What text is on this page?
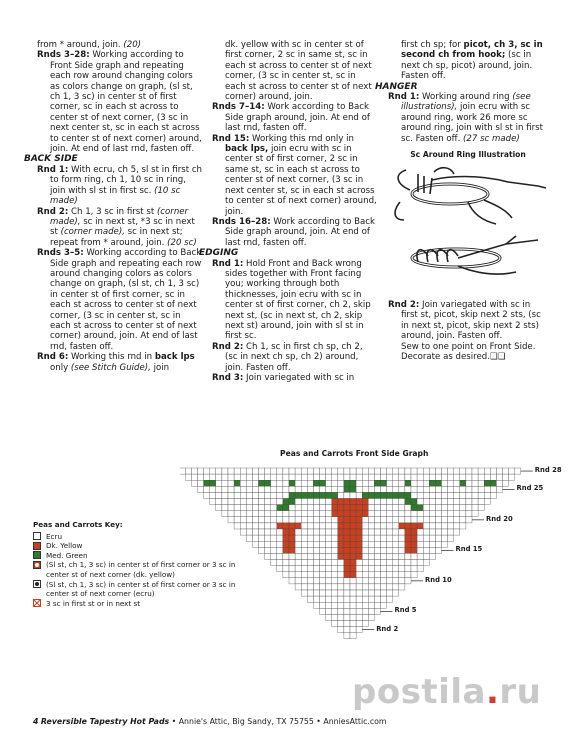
from * around, join. (20)

Rnds 3–28: Working according to Front Side graph and repeating each row around changing colors as colors change on graph, (sl st, ch 1, 3 sc) in center st of first corner, sc in each st across to center st of next corner, (3 sc in next center st, sc in each st across to center st of next corner) around, join. At end of last rnd, fasten off.

BACK SIDE

Rnd 1: With ecru, ch 5, sl st in first ch to form ring, ch 1, 10 sc in ring, join with sl st in first sc. (10 sc made)

Rnd 2: Ch 1, 3 sc in first st (corner made), sc in next st, *3 sc in next st (corner made), sc in next st; repeat from * around, join. (20 sc)

Rnds 3–5: Working according to Back Side graph and repeating each row around changing colors as colors change on graph, (sl st, ch 1, 3 sc) in center st of first corner, sc in each st across to center st of next corner, (3 sc in center st, sc in each st across to center st of next corner) around, join. At end of last rnd, fasten off.

Rnd 6: Working this rnd in back lps only (see Stitch Guide), join

dk. yellow with sc in center st of first corner, 2 sc in same st, sc in each st across to center st of next corner, (3 sc in center st, sc in each st across to center st of next corner) around, join.

Rnds 7–14: Work according to Back Side graph around, join. At end of last rnd, fasten off.

Rnd 15: Working this rnd only in back lps, join ecru with sc in center st of first corner, 2 sc in same st, sc in each st across to center st of next corner, (3 sc in next center st, sc in each st across to center st of next corner) around, join.

Rnds 16–28: Work according to Back Side graph around, join. At end of last rnd, fasten off.

EDGING

Rnd 1: Hold Front and Back wrong sides together with Front facing you; working through both thicknesses, join ecru with sc in center st of first corner, ch 2, skip next st, (sc in next st, ch 2, skip next st) around, join with sl st in first sc.

Rnd 2: Ch 1, sc in first ch sp, ch 2, (sc in next ch sp, ch 2) around, join. Fasten off.

Rnd 3: Join variegated with sc in

first ch sp; for picot, ch 3, sc in second ch from hook; (sc in next ch sp, picot) around, join. Fasten off.

HANGER

Rnd 1: Working around ring (see illustrations), join ecru with sc around ring, work 26 more sc around ring, join with sl st in first sc. Fasten off. (27 sc made)

Sc Around Ring Illustration

Rnd 2: Join variegated with sc in first st, picot, skip next 2 sts, (sc in next st, picot, skip next 2 sts) around, join. Fasten off.

Sew to one point on Front Side. Decorate as desired.❑❑

Peas and Carrots Front Side Graph
Rnd 28
Rnd 25
Rnd 20
Rnd 15
Rnd 10
Rnd 5
Rnd 2
Peas and Carrots Key:
Ecru
Dk. Yellow
Med. Green
(Sl st, ch 1, 3 sc) in center st of first corner or 3 sc in center st of next corner (dk. yellow)
(Sl st, ch 1, 3 sc) in center st of first corner or 3 sc in center st of next corner (ecru)
3 sc in first st or in next st
postila.ru
4 Reversible Tapestry Hot Pads • Annie's Attic, Big Sandy, TX 75755 • AnniesAttic.com
